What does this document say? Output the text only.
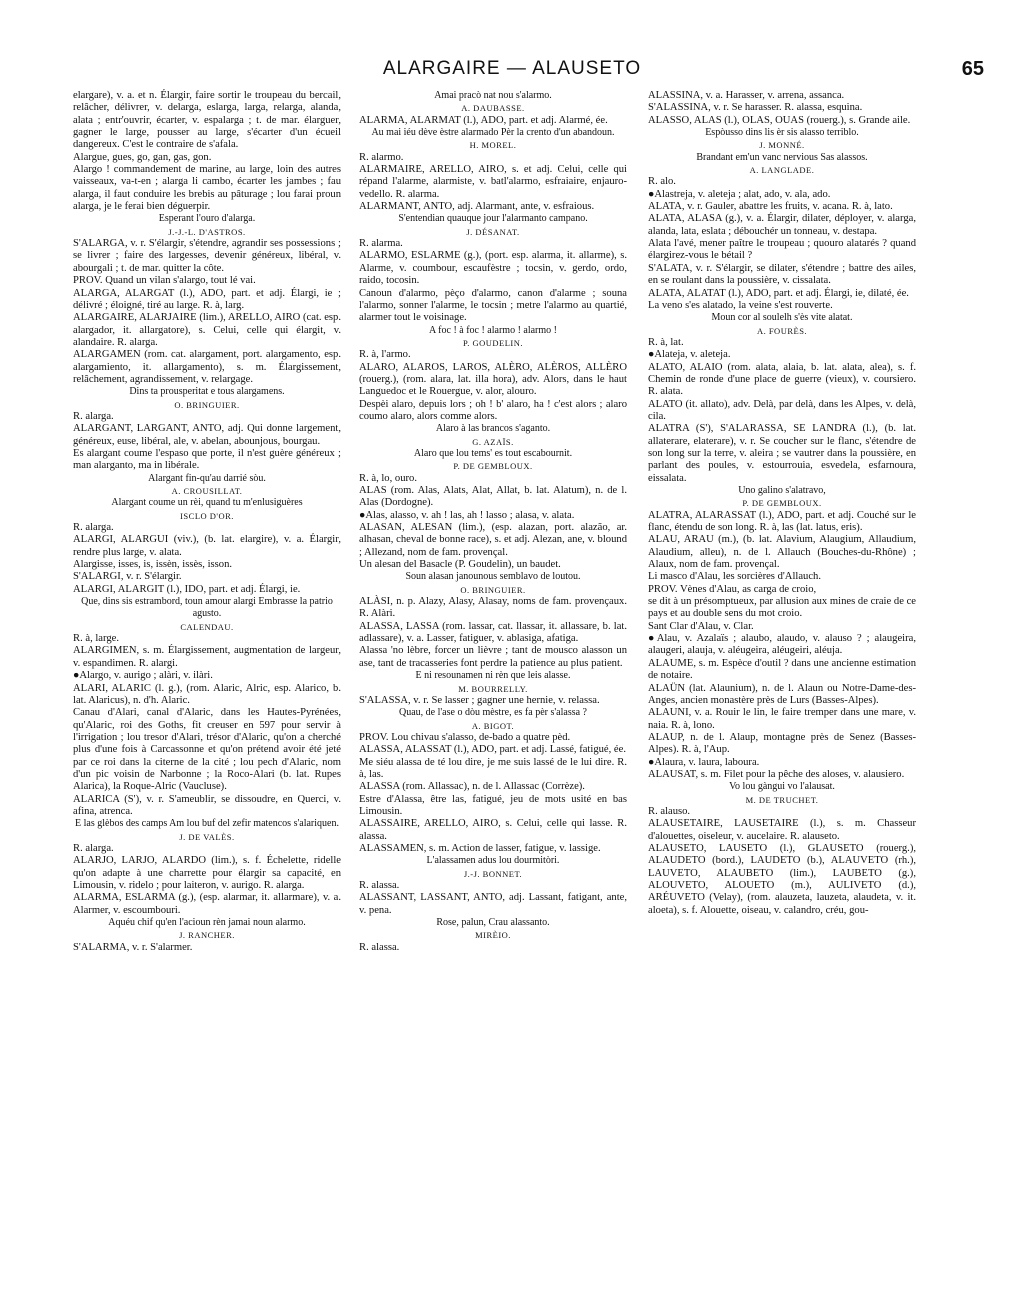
ALARGAIRE — ALAUSETO	65

elargare), v. a. et n. Élargir, faire sortir le troupeau du bercail, relâcher, délivrer, v. delarga, eslarga, larga, relarga, alanda, alata ; entr'ouvrir, écarter, v. espalarga ; t. de mar. élarguer, gagner le large, pousser au large, s'écarter d'un écueil dangereux. C'est le contraire de s'afala.

Alargue, gues, go, gan, gas, gon.

Alargo ! commandement de marine, au large, loin des autres vaisseaux, va-t-en ; alarga li cambo, écarter les jambes ; fau alarga, il faut conduire les brebis au pâturage ; lou farai proun alarga, je le ferai bien déguerpir.

Esperant l'ouro d'alarga.

J.-J.-L. D'ASTROS.

S'ALARGA, v. r. S'élargir, s'étendre, agrandir ses possessions ; se livrer ; faire des largesses, devenir généreux, libéral, v. abourgali ; t. de mar. quitter la côte.

PROV. Quand un vilan s'alargo, tout lé vai.

ALARGA, ALARGAT (l.), ADO, part. et adj. Élargi, ie ; délivré ; éloigné, tiré au large. R. à, larg.

ALARGAIRE, ALARJAIRE (lim.), ARELLO, AIRO (cat. esp. alargador, it. allargatore), s. Celui, celle qui élargit, v. alandaire. R. alarga.

ALARGAMEN (rom. cat. alargament, port. alargamento, esp. alargamiento, it. allargamento), s. m. Élargissement, relâchement, agrandissement, v. relargage.

Dins ta prousperitat e tous alargamens.

O. BRINGUIER.

R. alarga.

ALARGANT, LARGANT, ANTO, adj. Qui donne largement, généreux, euse, libéral, ale, v. abelan, abounjous, bourgau.

Es alargant coume l'espaso que porte, il n'est guère généreux ; man alarganto, ma in libérale.

Alargant fin-qu'au darrié sòu.

A. CROUSILLAT.

Alargant coume un rèi, quand tu m'enlusiguères

ISCLO D'OR.

R. alarga.

ALARGI, ALARGUI (viv.), (b. lat. elargire), v. a. Élargir, rendre plus large, v. alata.

Alargisse, isses, is, issèn, issès, isson.

S'ALARGI, v. r. S'élargir.

ALARGI, ALARGIT (l.), IDO, part. et adj. Élargi, ie.

Que, dins sis estrambord, toun amour alargi Embrasse la patrio agusto.

CALENDAU.

R. à, large.

ALARGIMEN, s. m. Élargissement, augmentation de largeur, v. espandimen. R. alargi.

●Alargo, v. aurigo ; alàri, v. ilàri.

ALARI, ALARIC (l. g.), (rom. Alaric, Alric, esp. Alarico, b. lat. Alaricus), n. d'h. Alaric.

Canau d'Alari, canal d'Alaric, dans les Hautes-Pyrénées, qu'Alaric, roi des Goths, fit creuser en 597 pour servir à l'irrigation ; lou tresor d'Alari, trésor d'Alaric, qu'on a cherché plus d'une fois à Carcassonne et qu'on prétend avoir été jeté par ce roi dans la citerne de la cité ; lou pech d'Alaric, nom d'un pic voisin de Narbonne ; la Roco-Alari (b. lat. Rupes Alarica), la Roque-Alric (Vaucluse).

ALARICA (S'), v. r. S'ameublir, se dissoudre, en Querci, v. afina, atrenca.

E las glèbos des camps Am lou buf del zefir matencos s'alariquen.

J. DE VALÈS.

R. alarga.

ALARJO, LARJO, ALARDO (lim.), s. f. Échelette, ridelle qu'on adapte à une charrette pour élargir sa capacité, en Limousin, v. ridelo ; pour laiteron, v. aurigo. R. alarga.

ALARMA, ESLARMA (g.), (esp. alarmar, it. allarmare), v. a. Alarmer, v. escoumbouri.

Aquéu chif qu'en l'acioun rèn jamai noun alarmo.

J. RANCHER.

S'ALARMA, v. r. S'alarmer.

Amai pracò nat nou s'alarmo.

A. DAUBASSE.

ALARMA, ALARMAT (l.), ADO, part. et adj. Alarmé, ée.

Au mai iéu dève èstre alarmado Pèr la crento d'un abandoun.

H. MOREL.

R. alarmo.

ALARMAIRE, ARELLO, AIRO, s. et adj. Celui, celle qui répand l'alarme, alarmiste, v. batl'alarmo, esfraiaire, enjauro-vedello. R. alarma.

ALARMANT, ANTO, adj. Alarmant, ante, v. esfraious.

S'entendian quauque jour l'alarmanto campano.

J. DÉSANAT.

R. alarma.

ALARMO, ESLARME (g.), (port. esp. alarma, it. allarme), s. Alarme, v. coumbour, escaufèstre ; tocsin, v. gerdo, ordo, raido, tocosin.

Canoun d'alarmo, pèço d'alarmo, canon d'alarme ; souna l'alarmo, sonner l'alarme, le tocsin ; metre l'alarmo au quartié, alarmer tout le voisinage.

A foc ! à foc ! alarmo ! alarmo !

P. GOUDELIN.

R. à, l'armo.

ALARO, ALAROS, LAROS, ALÈRO, ALÈROS, ALLÈRO (rouerg.), (rom. alara, lat. illa hora), adv. Alors, dans le haut Languedoc et le Rouergue, v. alor, alouro.

Despèi alaro, depuis lors ; oh ! b' alaro, ha ! c'est alors ; alaro coumo alaro, alors comme alors.

Alaro à las brancos s'aganto.

G. AZAÏS.

Alaro que lou tems' es tout escabournit.

P. DE GEMBLOUX.

R. à, lo, ouro.

ALAS (rom. Alas, Alats, Alat, Allat, b. lat. Alatum), n. de l. Alas (Dordogne).

●Alas, alasso, v. ah ! las, ah ! lasso ; alasa, v. alata.

ALASAN, ALESAN (lim.), (esp. alazan, port. alazão, ar. alhasan, cheval de bonne race), s. et adj. Alezan, ane, v. blound ; Allezand, nom de fam. provençal.

Un alesan del Basacle (P. Goudelin), un baudet.

Soun alasan janounous semblavo de loutou.

O. BRINGUIER.

ALÀSI, n. p. Alazy, Alasy, Alasay, noms de fam. provençaux. R. Alàri.

ALASSA, LASSA (rom. lassar, cat. llassar, it. allassare, b. lat. adlassare), v. a. Lasser, fatiguer, v. ablasiga, afatiga.

Alassa 'no lèbre, forcer un lièvre ; tant de mousco alasson un ase, tant de tracasseries font perdre la patience au plus patient.

E ni resounamen ni rèn que leis alasse.

M. BOURRELLY.

S'ALASSA, v. r. Se lasser ; gagner une hernie, v. relassa.

Quau, de l'ase o dòu mèstre, es fa pèr s'alassa ?

A. BIGOT.

PROV. Lou chivau s'alasso, de-bado a quatre pèd.

ALASSA, ALASSAT (l.), ADO, part. et adj. Lassé, fatigué, ée.

Me siéu alassa de té lou dire, je me suis lassé de le lui dire. R. à, las.

ALASSA (rom. Allassac), n. de l. Allassac (Corrèze).

Estre d'Alassa, être las, fatigué, jeu de mots usité en bas Limousin.

ALASSAIRE, ARELLO, AIRO, s. Celui, celle qui lasse. R. alassa.

ALASSAMEN, s. m. Action de lasser, fatigue, v. lassige.

L'alassamen adus lou dourmitòri.

J.-J. BONNET.

R. alassa.

ALASSANT, LASSANT, ANTO, adj. Lassant, fatigant, ante, v. pena.

Rose, palun, Crau alassanto.

MIRÈIO.

R. alassa.

ALASSINA, v. a. Harasser, v. arrena, assanca.

S'ALASSINA, v. r. Se harasser. R. alassa, esquina.

ALASSO, ALAS (l.), OLAS, OUAS (rouerg.), s. Grande aile.

Espòusso dins lis èr sis alasso terriblo.

J. MONNÉ.

Brandant em'un vanc nervious Sas alassos.

A. LANGLADE.

R. alo.

●Alastreja, v. aleteja ; alat, ado, v. ala, ado.

ALATA, v. r. Gauler, abattre les fruits, v. acana. R. à, lato.

ALATA, ALASA (g.), v. a. Élargir, dilater, déployer, v. alarga, alanda, lata, eslata ; débouchér un tonneau, v. destapa.

Alata l'avé, mener paître le troupeau ; quouro alatarés ? quand élargirez-vous le bétail ?

S'ALATA, v. r. S'élargir, se dilater, s'étendre ; battre des ailes, en se roulant dans la poussière, v. cissalata.

ALATA, ALATAT (l.), ADO, part. et adj. Élargi, ie, dilaté, ée.

La veno s'es alatado, la veine s'est rouverte.

Moun cor al soulelh s'ès vite alatat.

A. FOURÈS.

R. à, lat.

●Alateja, v. aleteja.

ALATO, ALAIO (rom. alata, alaia, b. lat. alata, alea), s. f. Chemin de ronde d'une place de guerre (vieux), v. coursiero. R. alata.

ALATO (it. allato), adv. Delà, par delà, dans les Alpes, v. delà, cila.

ALATRA (S'), S'ALARASSA, SE LANDRA (l.), (b. lat. allaterare, elaterare), v. r. Se coucher sur le flanc, s'étendre de son long sur la terre, v. aleira ; se vautrer dans la poussière, en parlant des poules, v. estourrouia, esvedela, esfarnoura, eissalata.

Uno galino s'alatravo,

P. DE GEMBLOUX.

ALATRA, ALARASSAT (l.), ADO, part. et adj. Couché sur le flanc, étendu de son long. R. à, las (lat. latus, eris).

ALAU, ARAU (m.), (b. lat. Alavium, Alaugium, Allaudium, Alaudium, alleu), n. de l. Allauch (Bouches-du-Rhône) ; Alaux, nom de fam. provençal.

Li masco d'Alau, les sorcières d'Allauch.

PROV. Vènes d'Alau, as carga de croio,

se dit à un présomptueux, par allusion aux mines de craie de ce pays et au double sens du mot croio.

Sant Clar d'Alau, v. Clar.

●Alau, v. Azalaïs ; alaubo, alaudo, v. alauso ? ; alaugeira, alaugeri, alauja, v. aléugeira, aléugeiri, aléuja.

ALAUME, s. m. Espèce d'outil ? dans une ancienne estimation de notaire.

ALAÜN (lat. Alaunium), n. de l. Alaun ou Notre-Dame-des-Anges, ancien monastère près de Lurs (Basses-Alpes).

ALAUNI, v. a. Rouir le lin, le faire tremper dans une mare, v. naia. R. à, lono.

ALAUP, n. de l. Alaup, montagne près de Senez (Basses-Alpes). R. à, l'Aup.

●Alaura, v. laura, laboura.

ALAUSAT, s. m. Filet pour la pêche des aloses, v. alausiero.

Vo lou gàngui vo l'alausat.

M. DE TRUCHET.

R. alauso.

ALAUSETAIRE, LAUSETAIRE (l.), s. m. Chasseur d'alouettes, oiseleur, v. aucelaire. R. alauseto.

ALAUSETO, LAUSETO (l.), GLAUSETO (rouerg.), ALAUDETO (bord.), LAUDETO (b.), ALAUVETO (rh.), LAUVETO, ALAUBETO (lim.), LAUBETO (g.), ALOUVETO, ALOUETO (m.), AULIVETO (d.), ARÉUVETO (Velay), (rom. alauzeta, lauzeta, alaudeta, v. it. aloeta), s. f. Alouette, oiseau, v. calandro, créu, gou-
